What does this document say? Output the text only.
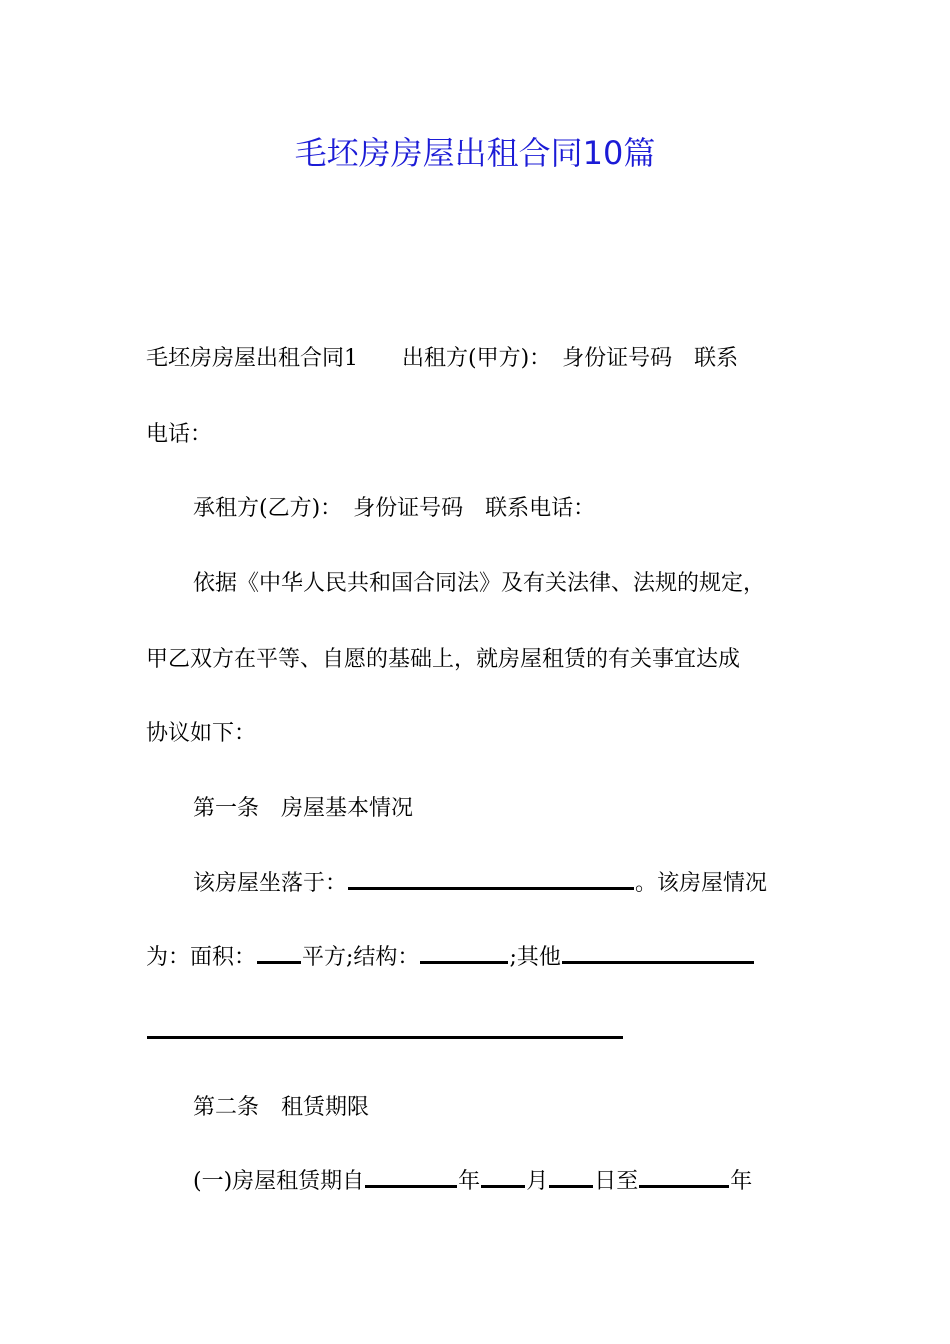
毛坯房房屋出租合同10篇
毛坯房房屋出租合同1　　出租方(甲方)：　身份证号码　联系
电话：
承租方(乙方)：　身份证号码　联系电话：
依据《中华人民共和国合同法》及有关法律、法规的规定，
甲乙双方在平等、自愿的基础上，就房屋租赁的有关事宜达成
协议如下：
第一条　房屋基本情况
该房屋坐落于：	。该房屋情况
为：面积： 平方;结构：	;其他
第二条　租赁期限
(一)房屋租赁期自	年 月 日至	年
